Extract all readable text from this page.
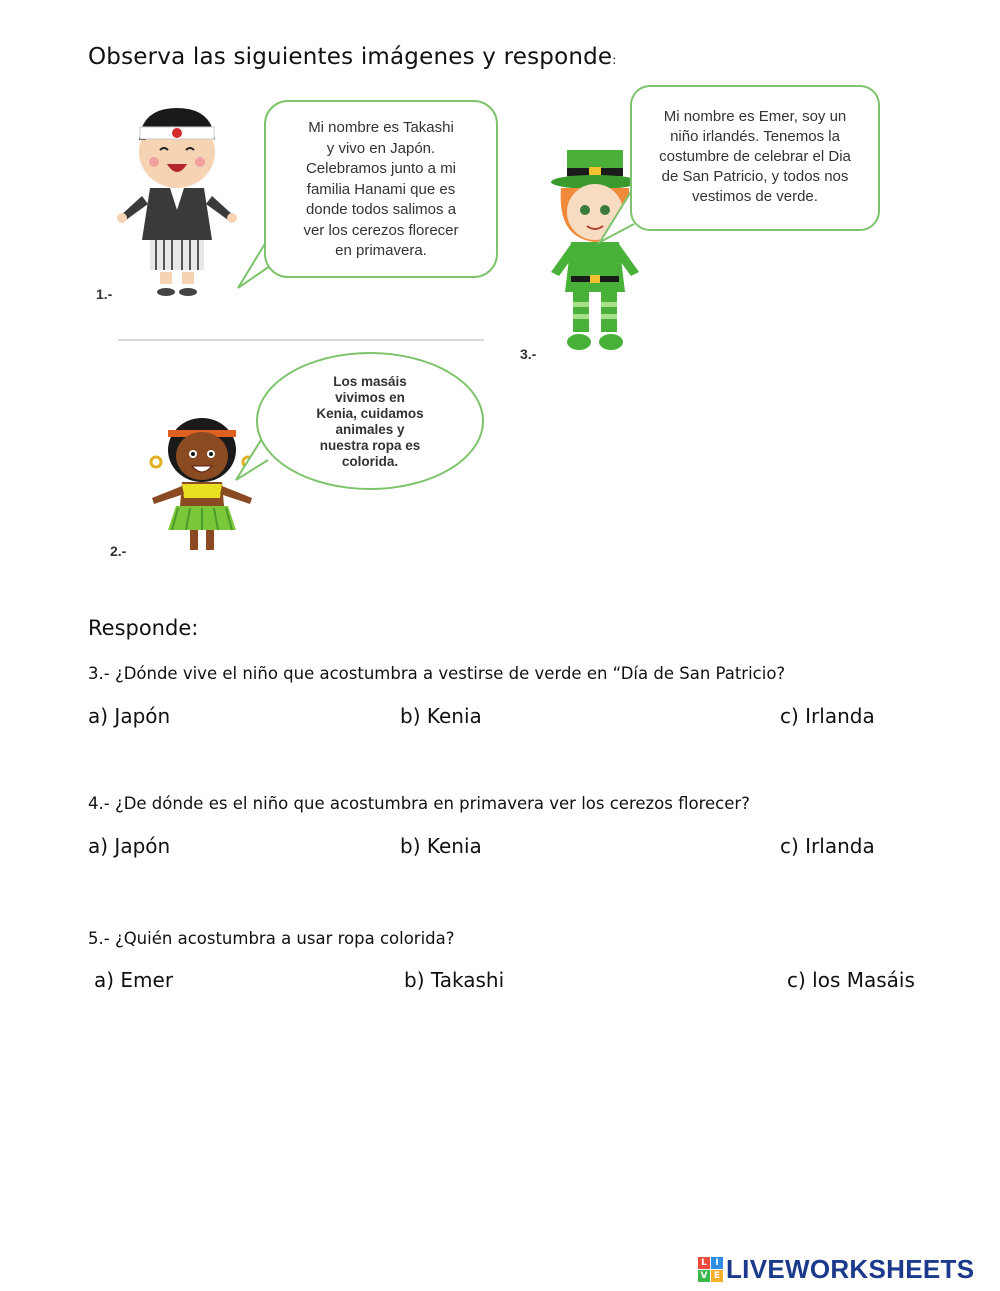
Observa las siguientes imágenes y responde:
1.-

Mi nombre es Takashi
y vivo en Japón.
Celebramos junto a mi
familia Hanami que es
donde todos salimos a
ver los cerezos florecer
en primavera.

3.-

Mi nombre es Emer, soy un
niño irlandés. Tenemos la
costumbre de celebrar el Dia
de San Patricio, y todos nos
vestimos de verde.

2.-

Los masáis
vivimos en
Kenia, cuidamos
animales y
nuestra ropa es
colorida.

Responde:
3.- ¿Dónde vive el niño que acostumbra a vestirse de verde en “Día de San Patricio?
a) Japón	b) Kenia	c) Irlanda
4.- ¿De dónde es el niño que acostumbra en primavera ver los cerezos florecer?
a) Japón	b) Kenia	c) Irlanda
5.- ¿Quién acostumbra a usar ropa colorida?
a) Emer	b) Takashi	c) los Masáis
L I
V E LIVEWORKSHEETS
